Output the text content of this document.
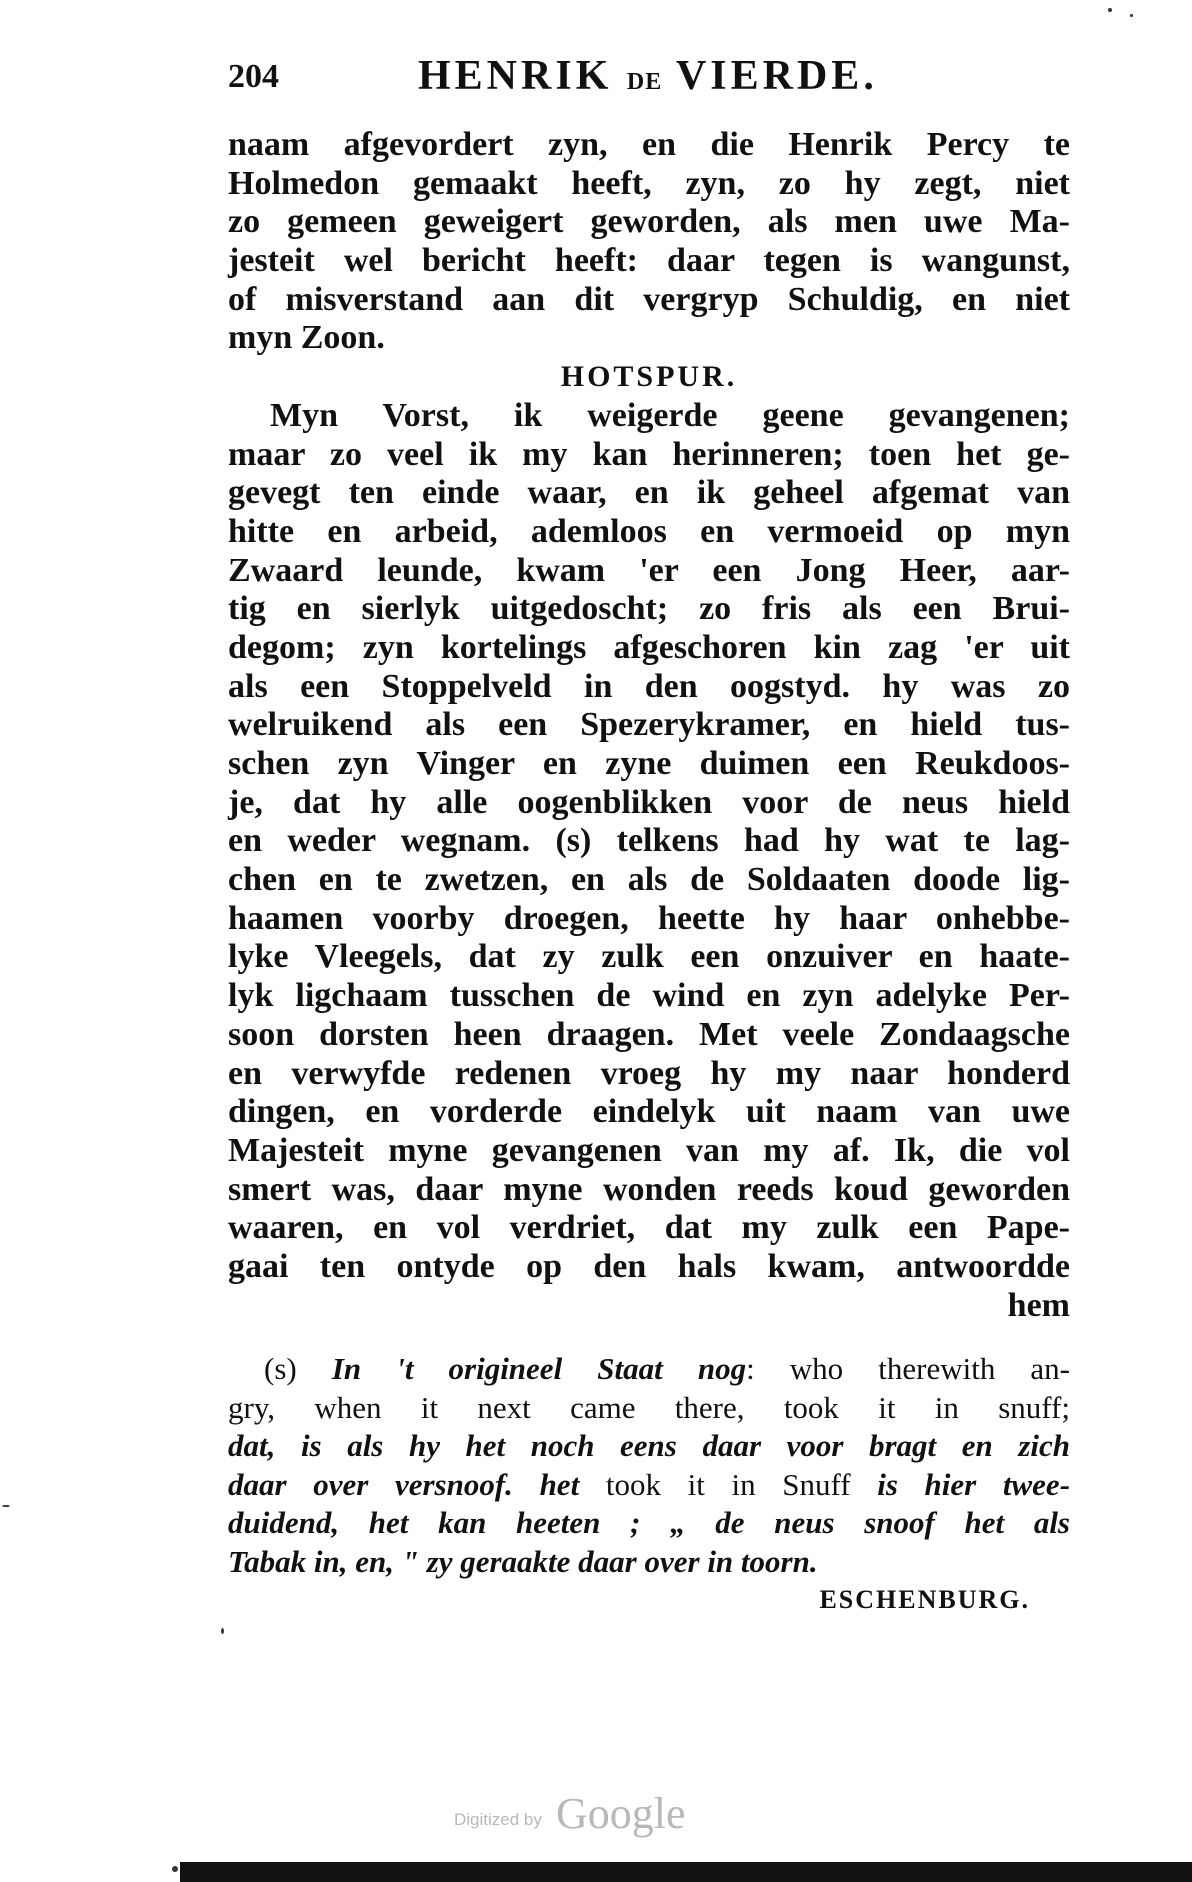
204	HENRIK DE VIERDE.
naam afgevordert zyn, en die Henrik Percy te
Holmedon gemaakt heeft, zyn, zo hy zegt, niet
zo gemeen geweigert geworden, als men uwe Ma-
jesteit wel bericht heeft: daar tegen is wangunst,
of misverstand aan dit vergryp Schuldig, en niet
myn Zoon.
HOTSPUR.
Myn Vorst, ik weigerde geene gevangenen;
maar zo veel ik my kan herinneren; toen het ge-
gevegt ten einde waar, en ik geheel afgemat van
hitte en arbeid, ademloos en vermoeid op myn
Zwaard leunde, kwam 'er een Jong Heer, aar-
tig en sierlyk uitgedoscht; zo fris als een Brui-
degom; zyn kortelings afgeschoren kin zag 'er uit
als een Stoppelveld in den oogstyd. hy was zo
welruikend als een Spezerykramer, en hield tus-
schen zyn Vinger en zyne duimen een Reukdoos-
je, dat hy alle oogenblikken voor de neus hield
en weder wegnam. (s) telkens had hy wat te lag-
chen en te zwetzen, en als de Soldaaten doode lig-
haamen voorby droegen, heette hy haar onhebbe-
lyke Vleegels, dat zy zulk een onzuiver en haate-
lyk ligchaam tusschen de wind en zyn adelyke Per-
soon dorsten heen draagen. Met veele Zondaagsche
en verwyfde redenen vroeg hy my naar honderd
dingen, en vorderde eindelyk uit naam van uwe
Majesteit myne gevangenen van my af. Ik, die vol
smert was, daar myne wonden reeds koud geworden
waaren, en vol verdriet, dat my zulk een Pape-
gaai ten ontyde op den hals kwam, antwoordde
hem
(s) In 't origineel Staat nog: who therewith an-
gry, when it next came there, took it in snuff;
dat, is als hy het noch eens daar voor bragt en zich
daar over versnoof. het took it in Snuff is hier twee-
duidend, het kan heeten ; „ de neus snoof het als
Tabak in, en, " zy geraakte daar over in toorn.
ESCHENBURG.
Digitized by Google
